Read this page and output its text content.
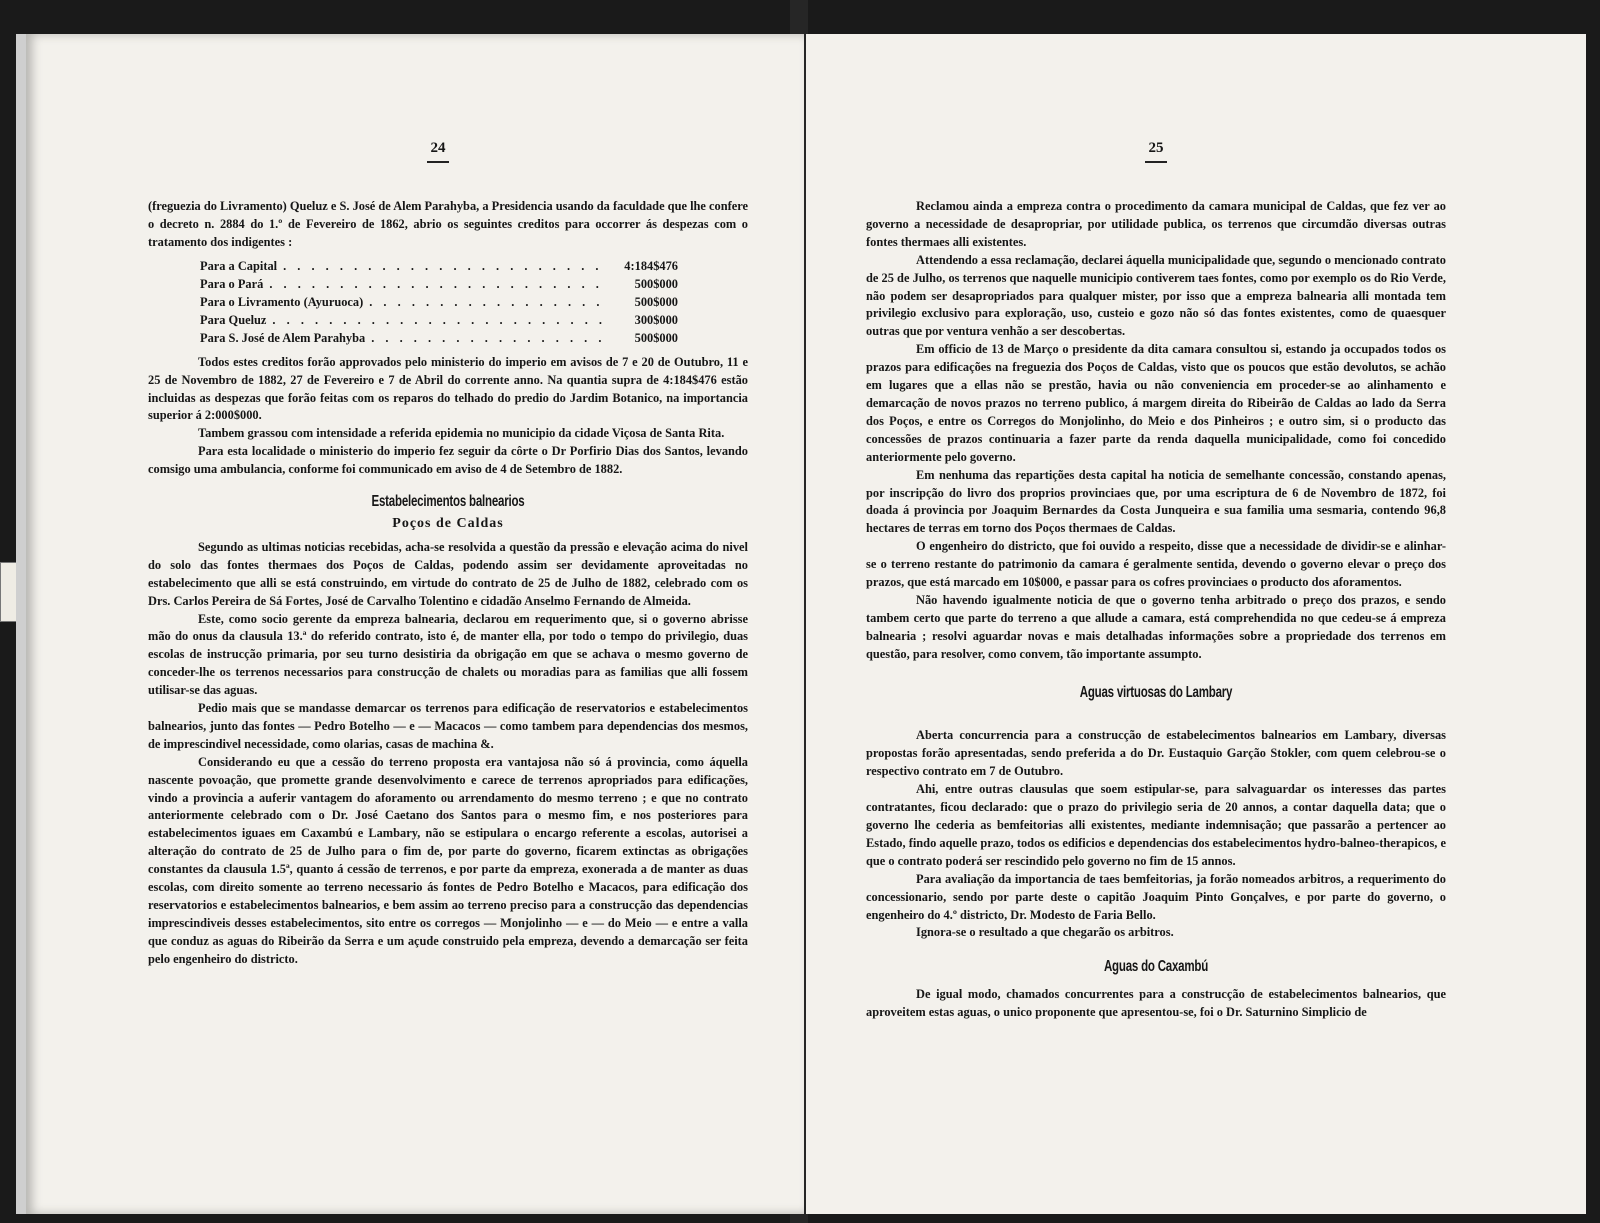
24

(freguezia do Livramento) Queluz e S. José de Alem Parahyba, a Presidencia usando da faculdade que lhe confere o decreto n. 2884 do 1.º de Fevereiro de 1862, abrio os seguintes creditos para occorrer ás despezas com o tratamento dos indigentes :

Para a Capital . . .	4:184$476
Para o Pará . . .	500$000
Para o Livramento (Ayuruoca) . . .	500$000
Para Queluz . . .	300$000
Para S. José de Alem Parahyba . . .	500$000

Todos estes creditos forão approvados pelo ministerio do imperio em avisos de 7 e 20 de Outubro, 11 e 25 de Novembro de 1882, 27 de Fevereiro e 7 de Abril do corrente anno. Na quantia supra de 4:184$476 estão incluidas as despezas que forão feitas com os reparos do telhado do predio do Jardim Botanico, na importancia superior á 2:000$000.

Tambem grassou com intensidade a referida epidemia no municipio da cidade Viçosa de Santa Rita.

Para esta localidade o ministerio do imperio fez seguir da côrte o Dr Porfirio Dias dos Santos, levando comsigo uma ambulancia, conforme foi communicado em aviso de 4 de Setembro de 1882.

Estabelecimentos balnearios
Poços de Caldas

Segundo as ultimas noticias recebidas, acha-se resolvida a questão da pressão e elevação acima do nivel do solo das fontes thermaes dos Poços de Caldas, podendo assim ser devidamente aproveitadas no estabelecimento que alli se está construindo, em virtude do contrato de 25 de Julho de 1882, celebrado com os Drs. Carlos Pereira de Sá Fortes, José de Carvalho Tolentino e cidadão Anselmo Fernando de Almeida.

Este, como socio gerente da empreza balnearia, declarou em requerimento que, si o governo abrisse mão do onus da clausula 13.ª do referido contrato, isto é, de manter ella, por todo o tempo do privilegio, duas escolas de instrucção primaria, por seu turno desistiria da obrigação em que se achava o mesmo governo de conceder-lhe os terrenos necessarios para construcção de chalets ou moradias para as familias que alli fossem utilisar-se das aguas.

Pedio mais que se mandasse demarcar os terrenos para edificação de reservatorios e estabelecimentos balnearios, junto das fontes — Pedro Botelho — e — Macacos — como tambem para dependencias dos mesmos, de imprescindivel necessidade, como olarias, casas de machina &.

Considerando eu que a cessão do terreno proposta era vantajosa não só á provincia, como áquella nascente povoação, que promette grande desenvolvimento e carece de terrenos apropriados para edificações, vindo a provincia a auferir vantagem do aforamento ou arrendamento do mesmo terreno ; e que no contrato anteriormente celebrado com o Dr. José Caetano dos Santos para o mesmo fim, e nos posteriores para estabelecimentos iguaes em Caxambú e Lambary, não se estipulara o encargo referente a escolas, autorisei a alteração do contrato de 25 de Julho para o fim de, por parte do governo, ficarem extinctas as obrigações constantes da clausula 1.5ª, quanto á cessão de terrenos, e por parte da empreza, exonerada a de manter as duas escolas, com direito somente ao terreno necessario ás fontes de Pedro Botelho e Macacos, para edificação dos reservatorios e estabelecimentos balnearios, e bem assim ao terreno preciso para a construcção das dependencias imprescindiveis desses estabelecimentos, sito entre os corregos — Monjolinho — e — do Meio — e entre a valla que conduz as aguas do Ribeirão da Serra e um açude construido pela empreza, devendo a demarcação ser feita pelo engenheiro do districto.

25

Reclamou ainda a empreza contra o procedimento da camara municipal de Caldas, que fez ver ao governo a necessidade de desapropriar, por utilidade publica, os terrenos que circumdão diversas outras fontes thermaes alli existentes.

Attendendo a essa reclamação, declarei áquella municipalidade que, segundo o mencionado contrato de 25 de Julho, os terrenos que naquelle municipio contiverem taes fontes, como por exemplo os do Rio Verde, não podem ser desapropriados para qualquer mister, por isso que a empreza balnearia alli montada tem privilegio exclusivo para exploração, uso, custeio e gozo não só das fontes existentes, como de quaesquer outras que por ventura venhão a ser descobertas.

Em officio de 13 de Março o presidente da dita camara consultou si, estando ja occupados todos os prazos para edificações na freguezia dos Poços de Caldas, visto que os poucos que estão devolutos, se achão em lugares que a ellas não se prestão, havia ou não conveniencia em proceder-se ao alinhamento e demarcação de novos prazos no terreno publico, á margem direita do Ribeirão de Caldas ao lado da Serra dos Poços, e entre os Corregos do Monjolinho, do Meio e dos Pinheiros ; e outro sim, si o producto das concessões de prazos continuaria a fazer parte da renda daquella municipalidade, como foi concedido anteriormente pelo governo.

Em nenhuma das repartições desta capital ha noticia de semelhante concessão, constando apenas, por inscripção do livro dos proprios provinciaes que, por uma escriptura de 6 de Novembro de 1872, foi doada á provincia por Joaquim Bernardes da Costa Junqueira e sua familia uma sesmaria, contendo 96,8 hectares de terras em torno dos Poços thermaes de Caldas.

O engenheiro do districto, que foi ouvido a respeito, disse que a necessidade de dividir-se e alinhar-se o terreno restante do patrimonio da camara é geralmente sentida, devendo o governo elevar o preço dos prazos, que está marcado em 10$000, e passar para os cofres provinciaes o producto dos aforamentos.

Não havendo igualmente noticia de que o governo tenha arbitrado o preço dos prazos, e sendo tambem certo que parte do terreno a que allude a camara, está comprehendida no que cedeu-se á empreza balnearia ; resolvi aguardar novas e mais detalhadas informações sobre a propriedade dos terrenos em questão, para resolver, como convem, tão importante assumpto.

Aguas virtuosas do Lambary

Aberta concurrencia para a construcção de estabelecimentos balnearios em Lambary, diversas propostas forão apresentadas, sendo preferida a do Dr. Eustaquio Garção Stokler, com quem celebrou-se o respectivo contrato em 7 de Outubro.

Ahi, entre outras clausulas que soem estipular-se, para salvaguardar os interesses das partes contratantes, ficou declarado: que o prazo do privilegio seria de 20 annos, a contar daquella data; que o governo lhe cederia as bemfeitorias alli existentes, mediante indemnisação; que passarão a pertencer ao Estado, findo aquelle prazo, todos os edificios e dependencias dos estabelecimentos hydro-balneo-therapicos, e que o contrato poderá ser rescindido pelo governo no fim de 15 annos.

Para avaliação da importancia de taes bemfeitorias, ja forão nomeados arbitros, a requerimento do concessionario, sendo por parte deste o capitão Joaquim Pinto Gonçalves, e por parte do governo, o engenheiro do 4.º districto, Dr. Modesto de Faria Bello.

Ignora-se o resultado a que chegarão os arbitros.

Aguas do Caxambú

De igual modo, chamados concurrentes para a construcção de estabelecimentos balnearios, que aproveitem estas aguas, o unico proponente que apresentou-se, foi o Dr. Saturnino Simplicio de
